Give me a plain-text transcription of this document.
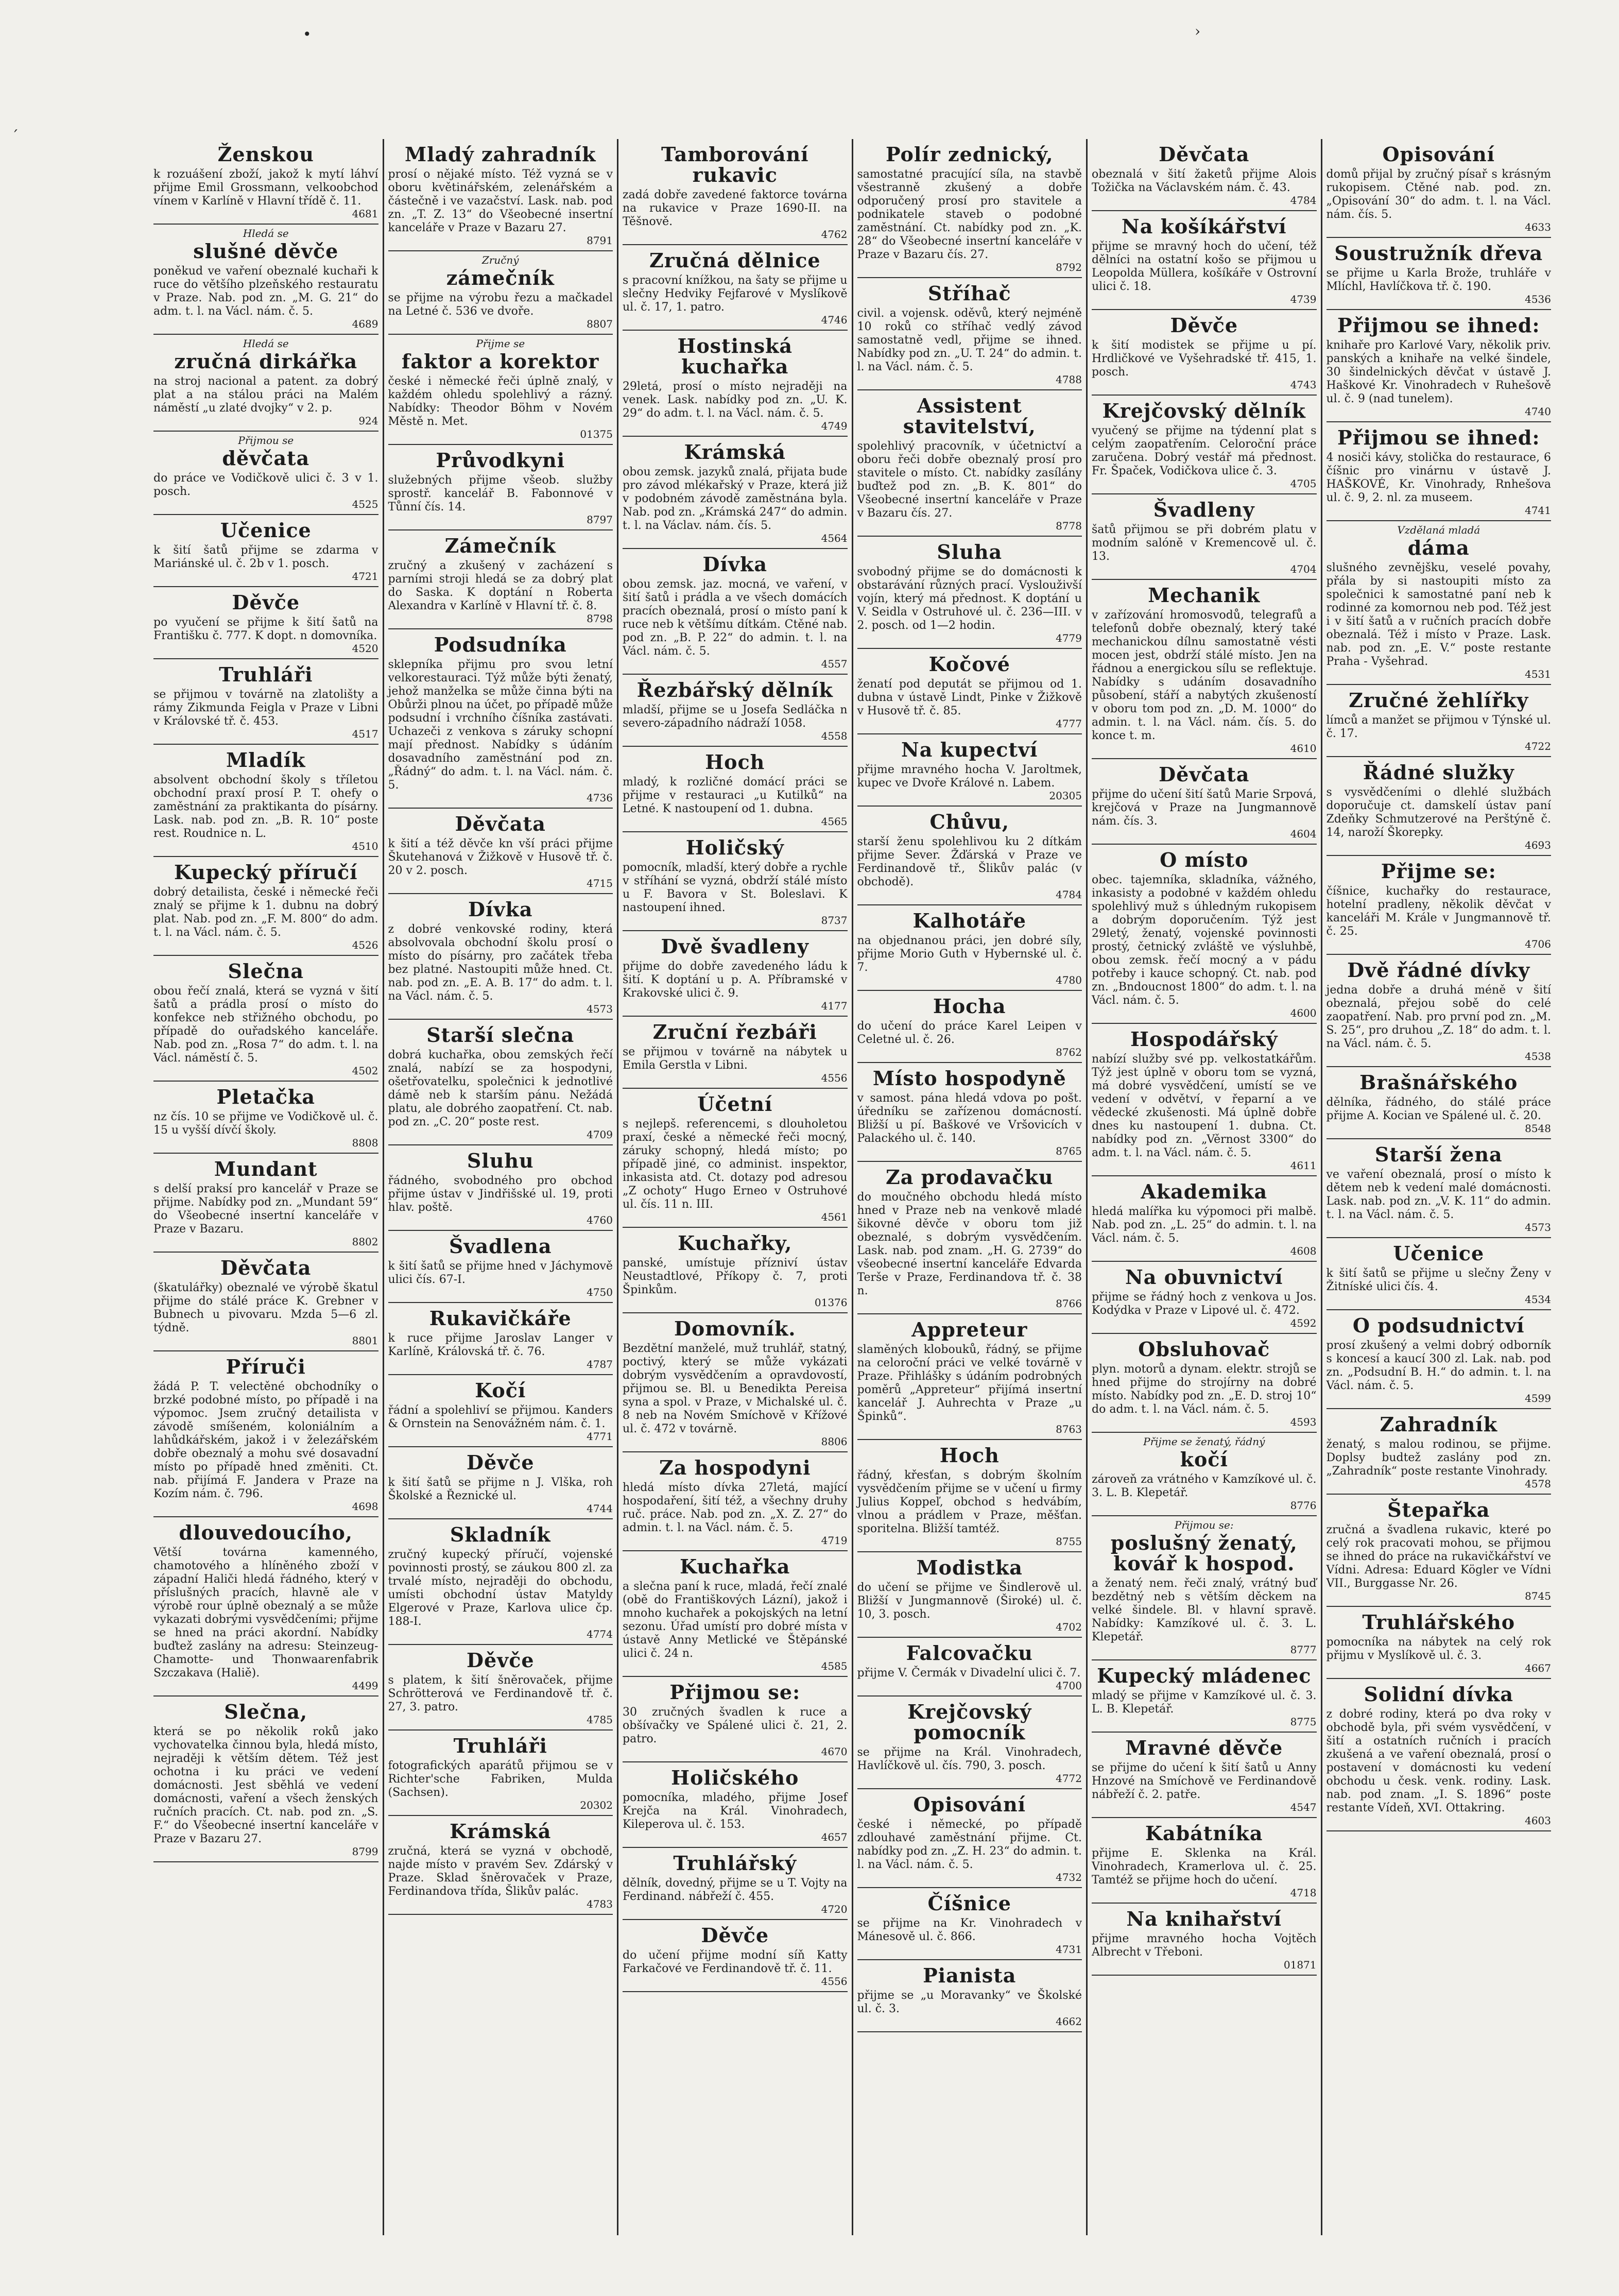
´
•	›
Ženskou

k rozuášení zboží, jakož k mytí láhví přijme Emil Grossmann, velkoobchod vínem v Karlíně v Hlavní třídě č. 11.

4681
Hledá se
slušné děvče

poněkud ve vaření obeznalé kuchaři k ruce do většího plzeňského restauratu v Praze. Nab. pod zn. „M. G. 21“ do adm. t. l. na Václ. nám. č. 5.

4689
Hledá se
zručná dirkářka

na stroj nacional a patent. za dobrý plat a na stálou práci na Malém náměstí „u zlaté dvojky“ v 2. p.

924
Přijmou se
děvčata

do práce ve Vodičkově ulici č. 3 v 1. posch.

4525
Učenice

k šití šatů přijme se zdarma v Mariánské ul. č. 2b v 1. posch.

4721
Děvče

po vyučení se přijme k šití šatů na Františku č. 777. K dopt. n domovníka.

4520
Truhláři

se přijmou v továrně na zlatolišty a rámy Zikmunda Feigla v Praze v Libni v Královské tř. č. 453.

4517
Mladík

absolvent obchodní školy s tříletou obchodní praxí prosí P. T. ohefy o zaměstnání za praktikanta do písárny. Lask. nab. pod zn. „B. R. 10“ poste rest. Roudnice n. L.

4510
Kupecký příručí

dobrý detailista, české i německé řeči znalý se přijme k 1. dubnu na dobrý plat. Nab. pod zn. „F. M. 800“ do adm. t. l. na Václ. nám. č. 5.

4526
Slečna

obou řečí znalá, která se vyzná v šití šatů a prádla prosí o místo do konfekce neb střižného obchodu, po případě do ouřadského kanceláře. Nab. pod zn. „Rosa 7“ do adm. t. l. na Václ. náměstí č. 5.

4502
Pletačka

nz čís. 10 se přijme ve Vodičkově ul. č. 15 u vyšší dívčí školy.

8808
Mundant

s delší praksí pro kancelář v Praze se přijme. Nabídky pod zn. „Mundant 59“ do Všeobecné insertní kanceláře v Praze v Bazaru.

8802
Děvčata

(škatulářky) obeznalé ve výrobě škatul přijme do stálé práce K. Grebner v Bubnech u pivovaru. Mzda 5—6 zl. týdně.

8801
Příruči

žádá P. T. velectěné obchodníky o brzké podobné místo, po případě i na výpomoc. Jsem zručný detailista v závodě smíšeném, koloniálním a lahůdkářském, jakož i v železářském dobře obeznalý a mohu své dosavadní místo po případě hned změniti. Ct. nab. přijímá F. Jandera v Praze na Kozím nám. č. 796.

4698
dlouvedoucího,

Větší továrna kamenného, chamotového a hlíněného zboží v západní Haliči hledá řádného, který v příslušných pracích, hlavně ale v výrobě rour úplně obeznalý a se může vykazati dobrými vysvědčeními; přijme se hned na práci akordní. Nabídky buďtež zaslány na adresu: Steinzeug-Chamotte- und Thonwaarenfabrik Szczakava (Haliě).

4499
Slečna,

která se po několik roků jako vychovatelka činnou byla, hledá místo, nejraději k větším dětem. Též jest ochotna i ku práci ve vedení domácnosti. Jest sběhlá ve vedení domácnosti, vaření a všech ženských ručních pracích. Ct. nab. pod zn. „S. F.“ do Všeobecné insertní kanceláře v Praze v Bazaru 27.

8799
Mladý zahradník

prosí o nějaké místo. Též vyzná se v oboru květinářském, zelenářském a částečně i ve vazačství. Lask. nab. pod zn. „T. Z. 13“ do Všeobecné insertní kanceláře v Praze v Bazaru 27.

8791
Zručný
zámečník

se přijme na výrobu řezu a mačkadel na Letné č. 536 ve dvoře.

8807
Přijme se
faktor a korektor

české i německé řeči úplně znalý, v každém ohledu spolehlivý a rázný. Nabídky: Theodor Böhm v Novém Městě n. Met.

01375
Průvodkyni

služebných přijme všeob. služby sprostř. kancelář B. Fabonnové v Tůnní čís. 14.

8797
Zámečník

zručný a zkušený v zacházení s parními stroji hledá se za dobrý plat do Saska. K doptání n Roberta Alexandra v Karlíně v Hlavní tř. č. 8.

8798
Podsudníka

sklepníka přijmu pro svou letní velkorestauraci. Týž může býti ženatý, jehož manželka se může činna býti na Obůrži plnou na účet, po případě může podsudní i vrchního číšníka zastávati. Uchazeči z venkova s záruky schopní mají přednost. Nabídky s údáním dosavadního zaměstnání pod zn. „Řádný“ do adm. t. l. na Václ. nám. č. 5.

4736
Děvčata

k šití a též děvče kn vší práci přijme Škutehanová v Žižkově v Husově tř. č. 20 v 2. posch.

4715
Dívka

z dobré venkovské rodiny, která absolvovala obchodní školu prosí o místo do písárny, pro začátek třeba bez platné. Nastoupiti může hned. Ct. nab. pod zn. „E. A. B. 17“ do adm. t. l. na Václ. nám. č. 5.

4573
Starší slečna

dobrá kuchařka, obou zemských řečí znalá, nabízí se za hospodyni, ošetřovatelku, společnici k jednotlivé dámě neb k starším pánu. Nežádá platu, ale dobrého zaopatření. Ct. nab. pod zn. „C. 20“ poste rest.

4709
Sluhu

řádného, svobodného pro obchod přijme ústav v Jindřišské ul. 19, proti hlav. poště.

4760
Švadlena

k šití šatů se přijme hned v Jáchymově ulici čís. 67-I.

4750
Rukavičkáře

k ruce přijme Jaroslav Langer v Karlíně, Královská tř. č. 76.

4787
Kočí

řádní a spolehliví se přijmou. Kanders & Ornstein na Senovážném nám. č. 1.

4771
Děvče

k šití šatů se přijme n J. Vlška, roh Školské a Řeznické ul.

4744
Skladník

zručný kupecký příručí, vojenské povinnosti prostý, se záukou 800 zl. za trvalé místo, nejraději do obchodu, umísti obchodní ústav Matyldy Elgerové v Praze, Karlova ulice čp. 188-I.

4774
Děvče

s platem, k šití šněrovaček, přijme Schrötterová ve Ferdinandově tř. č. 27, 3. patro.

4785
Truhláři

fotografických aparátů přijmou se v Richter'sche Fabriken, Mulda (Sachsen).

20302
Krámská

zručná, která se vyzná v obchodě, najde místo v pravém Sev. Zdárský v Praze. Sklad šněrovaček v Praze, Ferdinandova třída, Šlikův palác.

4783
Tamborování rukavic

zadá dobře zavedené faktorce továrna na rukavice v Praze 1690-II. na Těšnově.

4762
Zručná dělnice

s pracovní knížkou, na šaty se přijme u slečny Hedviky Fejfarové v Myslíkově ul. č. 17, 1. patro.

4746
Hostinská kuchařka

29letá, prosí o místo nejraději na venek. Lask. nabídky pod zn. „U. K. 29“ do adm. t. l. na Václ. nám. č. 5.

4749
Krámská

obou zemsk. jazyků znalá, přijata bude pro závod mlékařský v Praze, která již v podobném závodě zaměstnána byla. Nab. pod zn. „Krámská 247“ do admin. t. l. na Václav. nám. čís. 5.

4564
Dívka

obou zemsk. jaz. mocná, ve vaření, v šití šatů i prádla a ve všech domácích pracích obeznalá, prosí o místo paní k ruce neb k většímu dítkám. Ctěné nab. pod zn. „B. P. 22“ do admin. t. l. na Václ. nám. č. 5.

4557
Řezbářský dělník

mladší, přijme se u Josefa Sedláčka n severo-západního nádraží 1058.

4558
Hoch

mladý, k rozličné domácí práci se přijme v restauraci „u Kutilků“ na Letné. K nastoupení od 1. dubna.

4565
Holičský

pomocník, mladší, který dobře a rychle v stříhání se vyzná, obdrží stálé místo u F. Bavora v St. Boleslavi. K nastoupení ihned.

8737
Dvě švadleny

přijme do dobře zavedeného ládu k šití. K doptání u p. A. Příbramské v Krakovské ulici č. 9.

4177
Zruční řezbáři

se přijmou v továrně na nábytek u Emila Gerstla v Libni.

4556
Účetní

s nejlepš. referencemi, s dlouholetou praxí, české a německé řeči mocný, záruky schopný, hledá místo; po případě jiné, co administ. inspektor, inkasista atd. Ct. dotazy pod adresou „Z ochoty“ Hugo Erneo v Ostruhové ul. čís. 11 n. III.

4561
Kuchařky,

panské, umístuje přízniví ústav Neustadtlové, Příkopy č. 7, proti Špinkům.

01376
Domovník.

Bezdětní manželé, muž truhlář, statný, poctivý, který se může vykázati dobrým vysvědčením a opravdovostí, přijmou se. Bl. u Benedikta Pereisa syna a spol. v Praze, v Michalské ul. č. 8 neb na Novém Smíchově v Křížové ul. č. 472 v továrně.

8806
Za hospodyni

hledá místo dívka 27letá, mající hospodaření, šití též, a všechny druhy ruč. práce. Nab. pod zn. „X. Z. 27“ do admin. t. l. na Václ. nám. č. 5.

4719
Kuchařka

a slečna paní k ruce, mladá, řečí znalé (obě do Františkových Lázní), jakož i mnoho kuchařek a pokojských na letní sezonu. Úřad umístí pro dobré místa v ústavě Anny Metlické ve Štěpánské ulici č. 24 n.

4585
Přijmou se:

30 zručných švadlen k ruce a obšívačky ve Spálené ulici č. 21, 2. patro.

4670
Holičského

pomocníka, mladého, přijme Josef Krejča na Král. Vinohradech, Kileperova ul. č. 153.

4657
Truhlářský

dělník, dovedný, přijme se u T. Vojty na Ferdinand. nábřeží č. 455.

4720
Děvče

do učení přijme modní síň Katty Farkačové ve Ferdinandově tř. č. 11.

4556
Polír zednický,

samostatné pracující síla, na stavbě všestranně zkušený a dobře odporučený prosí pro stavitele a podnikatele staveb o podobné zaměstnání. Ct. nabídky pod zn. „K. 28“ do Všeobecné insertní kanceláře v Praze v Bazaru čís. 27.

8792
Stříhač

civil. a vojensk. oděvů, který nejméně 10 roků co stříhač vedlý závod samostatně vedl, přijme se ihned. Nabídky pod zn. „U. T. 24“ do admin. t. l. na Václ. nám. č. 5.

4788
Assistent stavitelství,

spolehlivý pracovník, v účetnictví a oboru řeči dobře obeznalý prosí pro stavitele o místo. Ct. nabídky zasílány buďtež pod zn. „B. K. 801“ do Všeobecné insertní kanceláře v Praze v Bazaru čís. 27.

8778
Sluha

svobodný přijme se do domácnosti k obstarávání různých prací. Vyslouživší vojín, který má přednost. K doptání u V. Seidla v Ostruhové ul. č. 236—III. v 2. posch. od 1—2 hodin.

4779
Kočové

ženatí pod deputát se přijmou od 1. dubna v ústavě Lindt, Pinke v Žižkově v Husově tř. č. 85.

4777
Na kupectví

přijme mravného hocha V. Jaroltmek, kupec ve Dvoře Králové n. Labem.

20305
Chůvu,

starší ženu spolehlivou ku 2 dítkám přijme Sever. Žďárská v Praze ve Ferdinandově tř., Šlikův palác (v obchodě).

4784
Kalhotáře

na objednanou práci, jen dobré síly, přijme Morio Guth v Hybernské ul. č. 7.

4780
Hocha

do učení do práce Karel Leipen v Celetné ul. č. 26.

8762
Místo hospodyně

v samost. pána hledá vdova po pošt. úředníku se zařízenou domácností. Bližší u pí. Baškové ve Vršovicích v Palackého ul. č. 140.

8765
Za prodavačku

do moučného obchodu hledá místo hned v Praze neb na venkově mladé šikovné děvče v oboru tom již obeznalé, s dobrým vysvědčením. Lask. nab. pod znam. „H. G. 2739“ do všeobecné insertní kanceláře Edvarda Terše v Praze, Ferdinandova tř. č. 38 n.

8766
Appreteur

slaměných klobouků, řádný, se přijme na celoroční práci ve velké továrně v Praze. Přihlášky s údáním podrobných poměrů „Appreteur“ přijímá insertní kancelář J. Auhrechta v Praze „u Špinků“.

8763
Hoch

řádný, křesťan, s dobrým školním vysvědčením přijme se v učení u firmy Julius Koppeľ, obchod s hedvábím, vlnou a prádlem v Praze, měšťan. sporitelna. Bližší tamtéž.

8755
Modistka

do učení se přijme ve Šindlerově ul. Bližší v Jungmannově (Široké) ul. č. 10, 3. posch.

4702
Falcovačku

přijme V. Čermák v Divadelní ulici č. 7.

4700
Krejčovský pomocník

se přijme na Král. Vinohradech, Havlíčkově ul. čís. 790, 3. posch.

4772
Opisování

české i německé, po případě zdlouhavé zaměstnání přijme. Ct. nabídky pod zn. „Z. H. 23“ do admin. t. l. na Václ. nám. č. 5.

4732
Číšnice

se přijme na Kr. Vinohradech v Mánesově ul. č. 866.

4731
Pianista

přijme se „u Moravanky“ ve Školské ul. č. 3.

4662
Děvčata

obeznalá v šití žaketů přijme Alois Tožička na Václavském nám. č. 43.

4784
Na košíkářství

přijme se mravný hoch do učení, též dělníci na ostatní košo se přijmou u Leopolda Müllera, košíkáře v Ostrovní ulici č. 18.

4739
Děvče

k šití modistek se přijme u pí. Hrdličkové ve Vyšehradské tř. 415, 1. posch.

4743
Krejčovský dělník

vyučený se přijme na týdenní plat s celým zaopatřením. Celoroční práce zaručena. Dobrý vestář má přednost. Fr. Špaček, Vodičkova ulice č. 3.

4705
Švadleny

šatů přijmou se při dobrém platu v modním salóně v Kremencově ul. č. 13.

4704
Mechanik

v zařízování hromosvodů, telegrafů a telefonů dobře obeznalý, který také mechanickou dílnu samostatně vésti mocen jest, obdrží stálé místo. Jen na řádnou a energickou sílu se reflektuje. Nabídky s udáním dosavadního působení, stáří a nabytých zkušeností v oboru tom pod zn. „D. M. 1000“ do admin. t. l. na Václ. nám. čís. 5. do konce t. m.

4610
Děvčata

přijme do učení šití šatů Marie Srpová, krejčová v Praze na Jungmannově nám. čís. 3.

4604
O místo

obec. tajemníka, skladníka, vážného, inkasisty a podobné v každém ohledu spolehlivý muž s úhledným rukopisem a dobrým doporučením. Týž jest 29letý, ženatý, vojenské povinnosti prostý, četnický zvláště ve výsluhbě, obou zemsk. řečí mocný a v pádu potřeby i kauce schopný. Ct. nab. pod zn. „Bndoucnost 1800“ do adm. t. l. na Václ. nám. č. 5.

4600
Hospodářský

nabízí služby své pp. velkostatkářům. Týž jest úplně v oboru tom se vyzná, má dobré vysvědčení, umístí se ve vedení v odvětví, v řeparní a ve vědecké zkušenosti. Má úplně dobře dnes ku nastoupení 1. dubna. Ct. nabídky pod zn. „Věrnost 3300“ do adm. t. l. na Václ. nám. č. 5.

4611
Akademika

hledá malířka ku výpomoci při malbě. Nab. pod zn. „L. 25“ do admin. t. l. na Václ. nám. č. 5.

4608
Na obuvnictví

přijme se řádný hoch z venkova u Jos. Kodýdka v Praze v Lipové ul. č. 472.

4592
Obsluhovač

plyn. motorů a dynam. elektr. strojů se hned přijme do strojírny na dobré místo. Nabídky pod zn. „E. D. stroj 10“ do adm. t. l. na Václ. nám. č. 5.

4593
Přijme se ženatý, řádný
kočí

zároveň za vrátného v Kamzíkové ul. č. 3. L. B. Klepetář.

8776
Přijmou se:
poslušný ženatý, kovář k hospod.

a ženatý nem. řeči znalý, vrátný buď bezdětný neb s větším děckem na velké šindele. Bl. v hlavní spravě. Nabídky: Kamzíkové ul. č. 3. L. Klepetář.

8777
Kupecký mládenec

mladý se přijme v Kamzíkové ul. č. 3. L. B. Klepetář.

8775
Mravné děvče

se přijme do učení k šití šatů u Anny Hnzové na Smíchově ve Ferdinandově nábřeží č. 2. patře.

4547
Kabátníka

přijme E. Sklenka na Král. Vinohradech, Kramerlova ul. č. 25. Tamtéž se přijme hoch do učení.

4718
Na knihařství

přijme mravného hocha Vojtěch Albrecht v Třeboni.

01871
Opisování

domů přijal by zručný písař s krásným rukopisem. Ctěné nab. pod. zn. „Opisování 30“ do adm. t. l. na Václ. nám. čís. 5.

4633
Soustružník dřeva

se přijme u Karla Brože, truhláře v Mlíchl, Havlíčkova tř. č. 190.

4536
Přijmou se ihned:

knihaře pro Karlové Vary, několik priv. panských a knihaře na velké šindele, 30 šindelnických děvčat v ústavě J. Haškové Kr. Vinohradech v Ruhešově ul. č. 9 (nad tunelem).

4740
Přijmou se ihned:

4 nosiči kávy, stolička do restaurace, 6 číšnic pro vinárnu v ústavě J. HAŠKOVÉ, Kr. Vinohrady, Rnhešova ul. č. 9, 2. nl. za museem.

4741
Vzdělaná mladá
dáma

slušného zevnějšku, veselé povahy, přála by si nastoupiti místo za společnici k samostatné paní neb k rodinné za komornou neb pod. Též jest i v šití šatů a v ručních pracích dobře obeznalá. Též i místo v Praze. Lask. nab. pod zn. „E. V.“ poste restante Praha - Vyšehrad.

4531
Zručné žehlířky

límců a manžet se přijmou v Týnské ul. č. 17.

4722
Řádné služky

s vysvědčeními o dlehlé službách doporučuje ct. damskelí ústav paní Zdeňky Schmutzerové na Perštýně č. 14, naroží Škorepky.

4693
Přijme se:

číšnice, kuchařky do restaurace, hotelní pradleny, několik děvčat v kanceláři M. Krále v Jungmannově tř. č. 25.

4706
Dvě řádné dívky

jedna dobře a druhá méně v šití obeznalá, přejou sobě do celé zaopatření. Nab. pro první pod zn. „M. S. 25“, pro druhou „Z. 18“ do adm. t. l. na Václ. nám. č. 5.

4538
Brašnářského

dělníka, řádného, do stálé práce přijme A. Kocian ve Spálené ul. č. 20.

8548
Starší žena

ve vaření obeznalá, prosí o místo k dětem neb k vedení malé domácnosti. Lask. nab. pod zn. „V. K. 11“ do admin. t. l. na Václ. nám. č. 5.

4573
Učenice

k šití šatů se přijme u slečny Ženy v Žitníské ulici čís. 4.

4534
O podsudnictví

prosí zkušený a velmi dobrý odborník s koncesí a kaucí 300 zl. Lak. nab. pod zn. „Podsudní B. H.“ do admin. t. l. na Václ. nám. č. 5.

4599
Zahradník

ženatý, s malou rodinou, se přijme. Doplsy budtež zaslány pod zn. „Zahradník“ poste restante Vinohrady.

4578
Štepařka

zručná a švadlena rukavic, které po celý rok pracovati mohou, se přijmou se ihned do práce na rukavičkářství ve Vídni. Adresa: Eduard Kögler ve Vídni VII., Burggasse Nr. 26.

8745
Truhlářského

pomocníka na nábytek na celý rok přijmu v Myslíkově ul. č. 3.

4667
Solidní dívka

z dobré rodiny, která po dva roky v obchodě byla, při svém vysvědčení, v šití a ostatních ručních i pracích zkušená a ve vaření obeznalá, prosí o postavení v domácnosti ku vedení obchodu u česk. venk. rodiny. Lask. nab. pod znam. „I. S. 1896“ poste restante Vídeň, XVI. Ottakring.

4603
